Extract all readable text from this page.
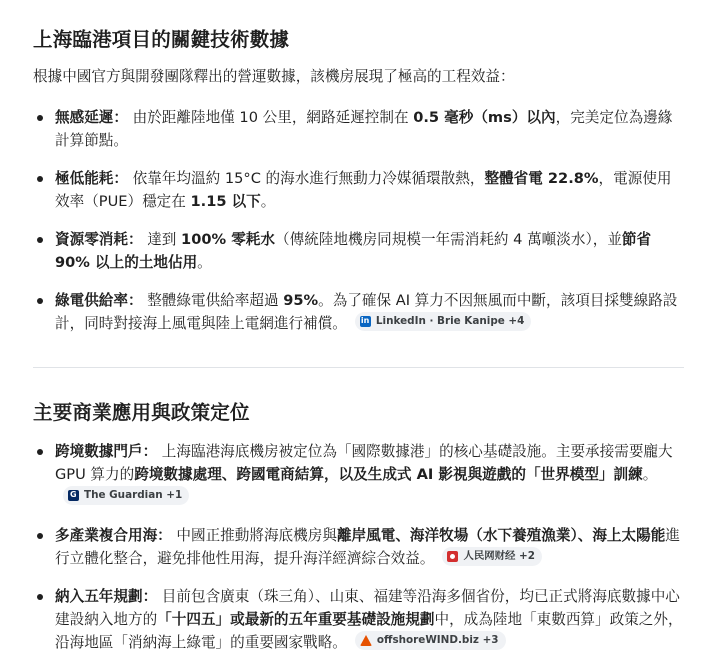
上海臨港項目的關鍵技術數據

根據中國官方與開發團隊釋出的營運數據，該機房展現了極高的工程效益：

無感延遲： 由於距離陸地僅 10 公里，網路延遲控制在 0.5 毫秒（ms）以內，完美定位為邊緣計算節點。
極低能耗： 依靠年均溫約 15°C 的海水進行無動力冷媒循環散熱，整體省電 22.8%，電源使用效率（PUE）穩定在 1.15 以下。
資源零消耗： 達到 100% 零耗水（傳統陸地機房同規模一年需消耗約 4 萬噸淡水），並節省 90% 以上的土地佔用。
綠電供給率： 整體綠電供給率超過 95%。為了確保 AI 算力不因無風而中斷，該項目採雙線路設計，同時對接海上風電與陸上電網進行補償。
in	LinkedIn · Brie Kanipe +4
主要商業應用與政策定位
跨境數據門戶： 上海臨港海底機房被定位為「國際數據港」的核心基礎設施。主要承接需要龐大 GPU 算力的跨境數據處理、跨國電商結算，以及生成式 AI 影視與遊戲的「世界模型」訓練。
G
The Guardian +1
多產業複合用海： 中國正推動將海底機房與離岸風電、海洋牧場（水下養殖漁業）、海上太陽能進行立體化整合，避免排他性用海，提升海洋經濟綜合效益。	人民网财经 +2
納入五年規劃： 目前包含廣東（珠三角）、山東、福建等沿海多個省份，均已正式將海底數據中心建設納入地方的「十四五」或最新的五年重要基礎設施規劃中，成為陸地「東數西算」政策之外，沿海地區「消納海上綠電」的重要國家戰略。	offshoreWIND.biz +3
